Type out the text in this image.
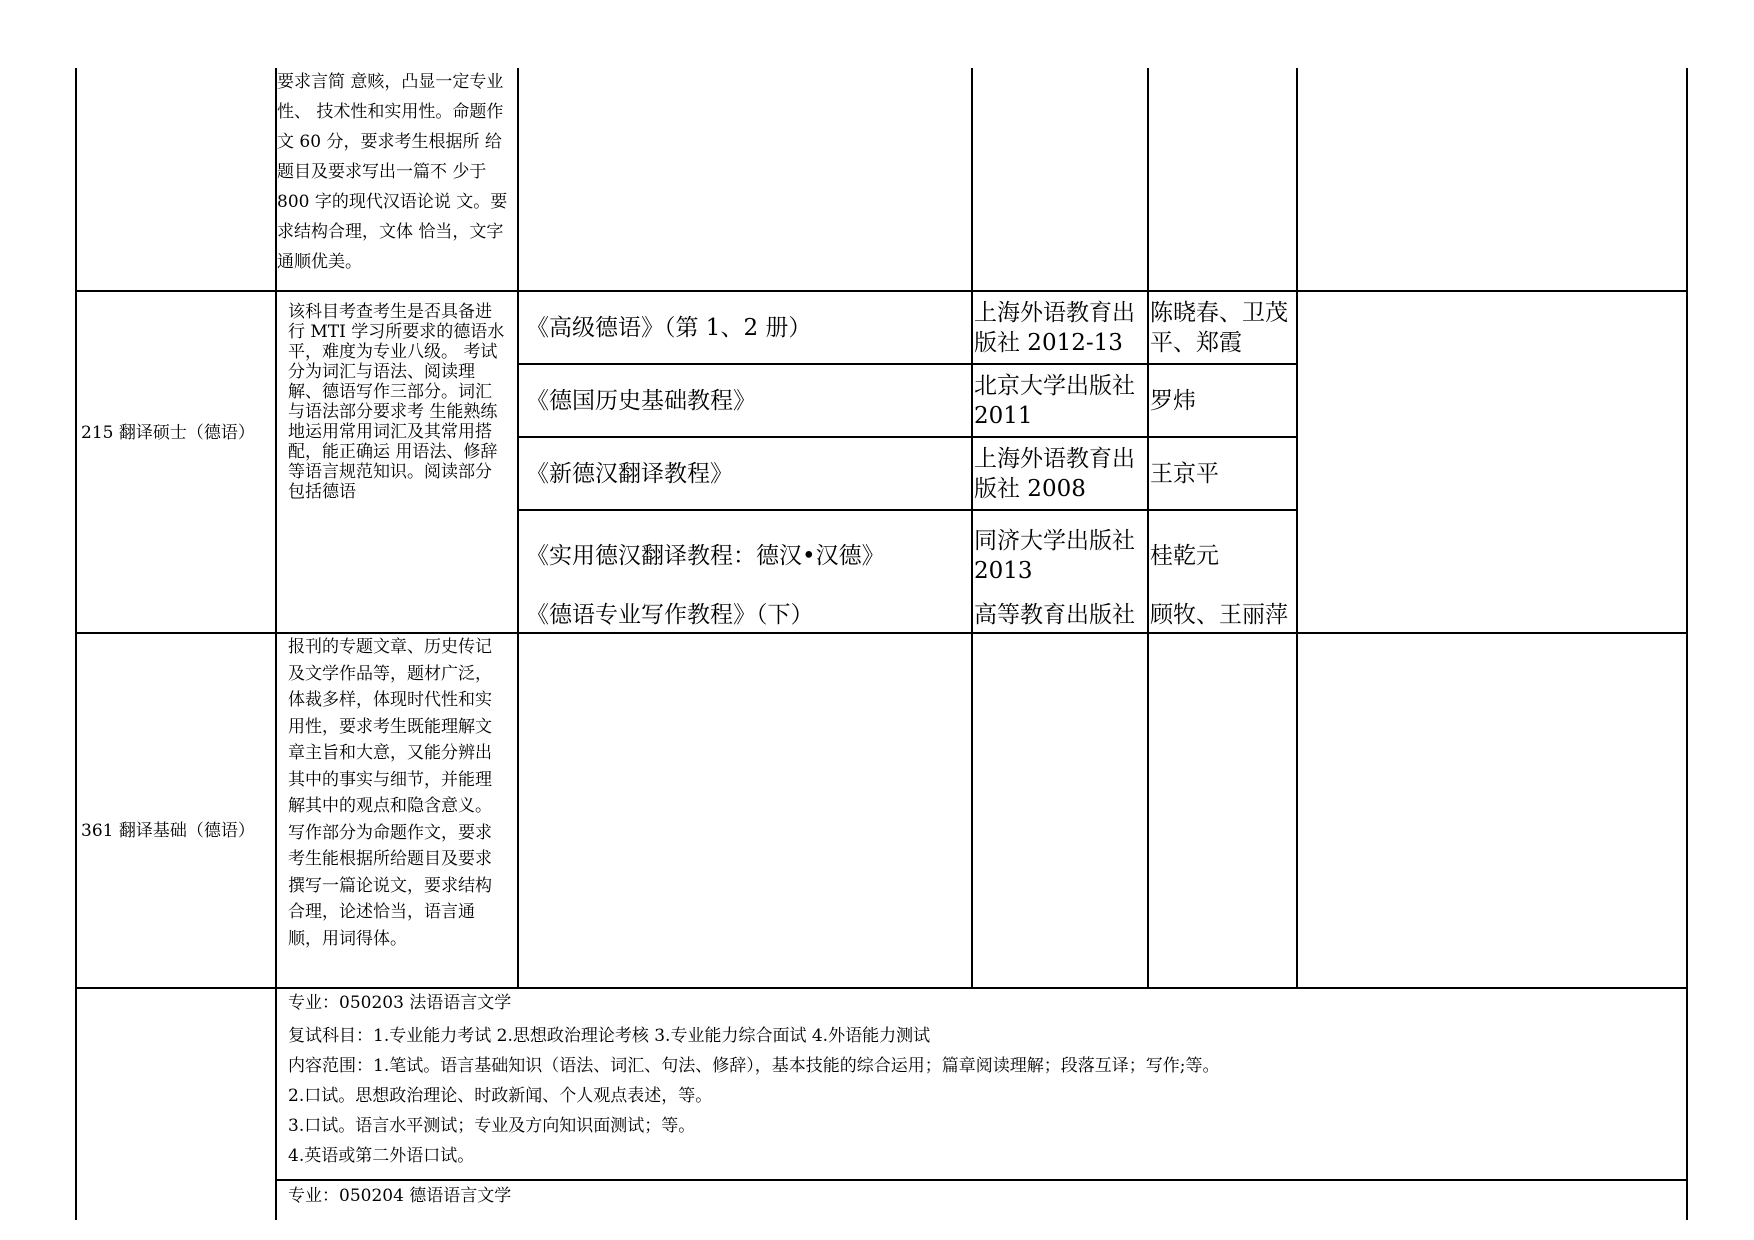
要求言简 意赅，凸显一定专业性、 技术性和实用性。命题作文 60 分，要求考生根据所 给题目及要求写出一篇不 少于 800 字的现代汉语论说 文。要求结构合理，文体 恰当，文字通顺优美。

215 翻译硕士（德语）

该科目考查考生是否具备进行 MTI 学习所要求的德语水平，难度为专业八级。 考试分为词汇与语法、阅读理解、德语写作三部分。词汇与语法部分要求考 生能熟练地运用常用词汇及其常用搭配，能正确运 用语法、修辞等语言规范知识。阅读部分包括德语

《高级德语》（第 1、2 册）

上海外语教育出版社 2012-13

陈晓春、卫茂平、郑霞

《德国历史基础教程》

北京大学出版社 2011

罗炜
《新德汉翻译教程》

上海外语教育出版社 2008

王京平
《实用德汉翻译教程：德汉•汉德》

同济大学出版社 2013

桂乾元
《德语专业写作教程》（下）	高等教育出版社 顾牧、王丽萍
361 翻译基础（德语）

报刊的专题文章、历史传记及文学作品等，题材广泛，体裁多样，体现时代性和实用性，要求考生既能理解文章主旨和大意，又能分辨出其中的事实与细节，并能理解其中的观点和隐含意义。写作部分为命题作文，要求考生能根据所给题目及要求撰写一篇论说文，要求结构合理，论述恰当，语言通顺，用词得体。

专业：050203 法语语言文学
复试科目：1.专业能力考试 2.思想政治理论考核 3.专业能力综合面试 4.外语能力测试
内容范围：1.笔试。语言基础知识（语法、词汇、句法、修辞），基本技能的综合运用；篇章阅读理解；段落互译；写作;等。
2.口试。思想政治理论、时政新闻、个人观点表述，等。
3.口试。语言水平测试；专业及方向知识面测试；等。
4.英语或第二外语口试。
专业：050204 德语语言文学
